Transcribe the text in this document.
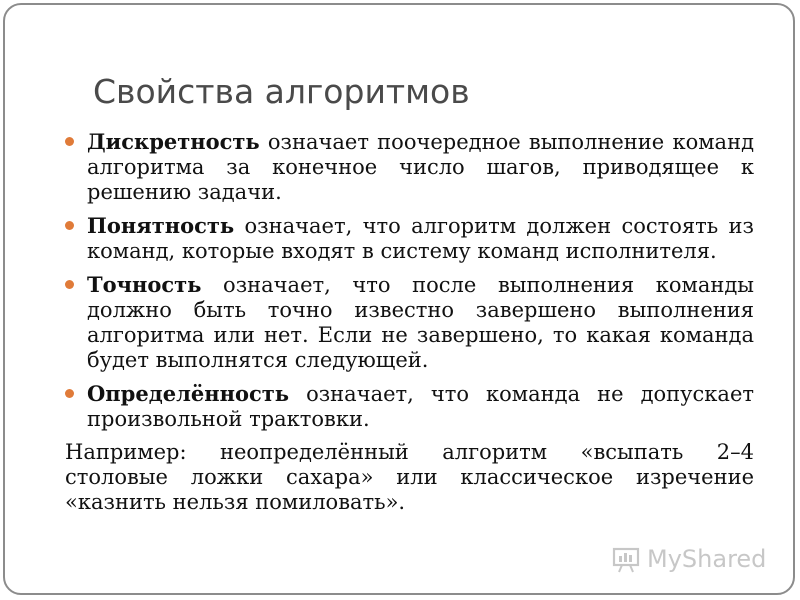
Свойства алгоритмов
Дискретность означает поочередное выполнение команд алгоритма за конечное число шагов, приводящее к решению задачи.
Понятность означает, что алгоритм должен состоять из команд, которые входят в систему команд исполнителя.
Точность означает, что после выполнения команды должно быть точно известно завершено выполнения алгоритма или нет. Если не завершено, то какая команда будет выполнятся следующей.
Определённость означает, что команда не допускает произвольной трактовки.
Например: неопределённый алгоритм «всыпать 2–4 столовые ложки сахара» или классическое изречение «казнить нельзя помиловать».
MyShared
